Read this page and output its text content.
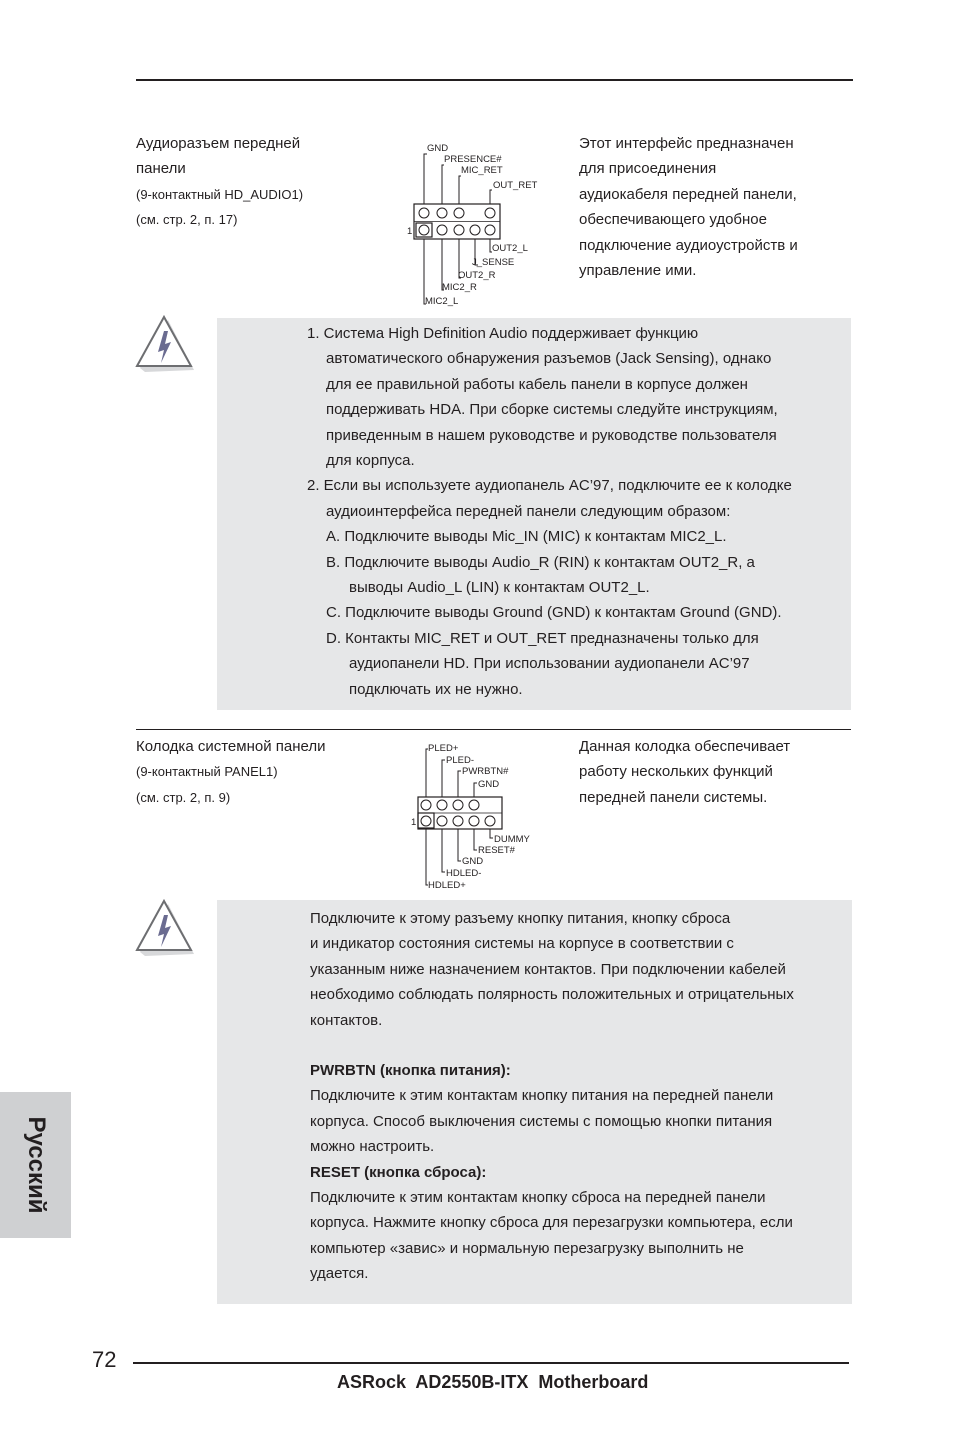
Аудиоразъем передней
панели
(9-контактный HD_AUDIO1)
(см. стр. 2, п. 17)
GND
PRESENCE#
MIC_RET
OUT_RET
OUT2_L
J_SENSE
OUT2_R
MIC2_R
MIC2_L
1
Этот интерфейс предназначен
для присоединения
аудиокабеля передней панели,
обеспечивающего удобное
подключение аудиоустройств и
управление ими.
1. Система High Definition Audio поддерживает функцию
автоматического обнаружения разъемов (Jack Sensing), однако
для ее правильной работы кабель панели в корпусе должен
поддерживать HDA. При сборке системы следуйте инструкциям,
приведенным в нашем руководстве и руководстве пользователя
для корпуса.
2. Если вы используете аудиопанель AC’97, подключите ее к колодке
аудиоинтерфейса передней панели следующим образом:
A. Подключите выводы Mic_IN (MIC) к контактам MIC2_L.
B. Подключите выводы Audio_R (RIN) к контактам OUT2_R, а
выводы Audio_L (LIN) к контактам OUT2_L.
C. Подключите выводы Ground (GND) к контактам Ground (GND).
D. Контакты MIC_RET и OUT_RET предназначены только для
аудиопанели HD. При использовании аудиопанели AC’97
подключать их не нужно.
Колодка системной панели
(9-контактный PANEL1)
(см. стр. 2, п. 9)
PLED+
PLED-
PWRBTN#
GND
DUMMY
RESET#
GND
HDLED-
HDLED+
1
Данная колодка обеспечивает
работу нескольких функций
передней панели системы.
Подключите к этому разъему кнопку питания, кнопку сброса
и индикатор состояния системы на корпусе в соответствии с
указанным ниже назначением контактов. При подключении кабелей
необходимо соблюдать полярность положительных и отрицательных
контактов.
PWRBTN (кнопка питания):
Подключите к этим контактам кнопку питания на передней панели
корпуса. Способ выключения системы с помощью кнопки питания
можно настроить.
RESET (кнопка сброса):
Подключите к этим контактам кнопку сброса на передней панели
корпуса. Нажмите кнопку сброса для перезагрузки компьютера, если
компьютер «завис» и нормальную перезагрузку выполнить не
удается.
Русский
72
ASRock  AD2550B-ITX  Motherboard
